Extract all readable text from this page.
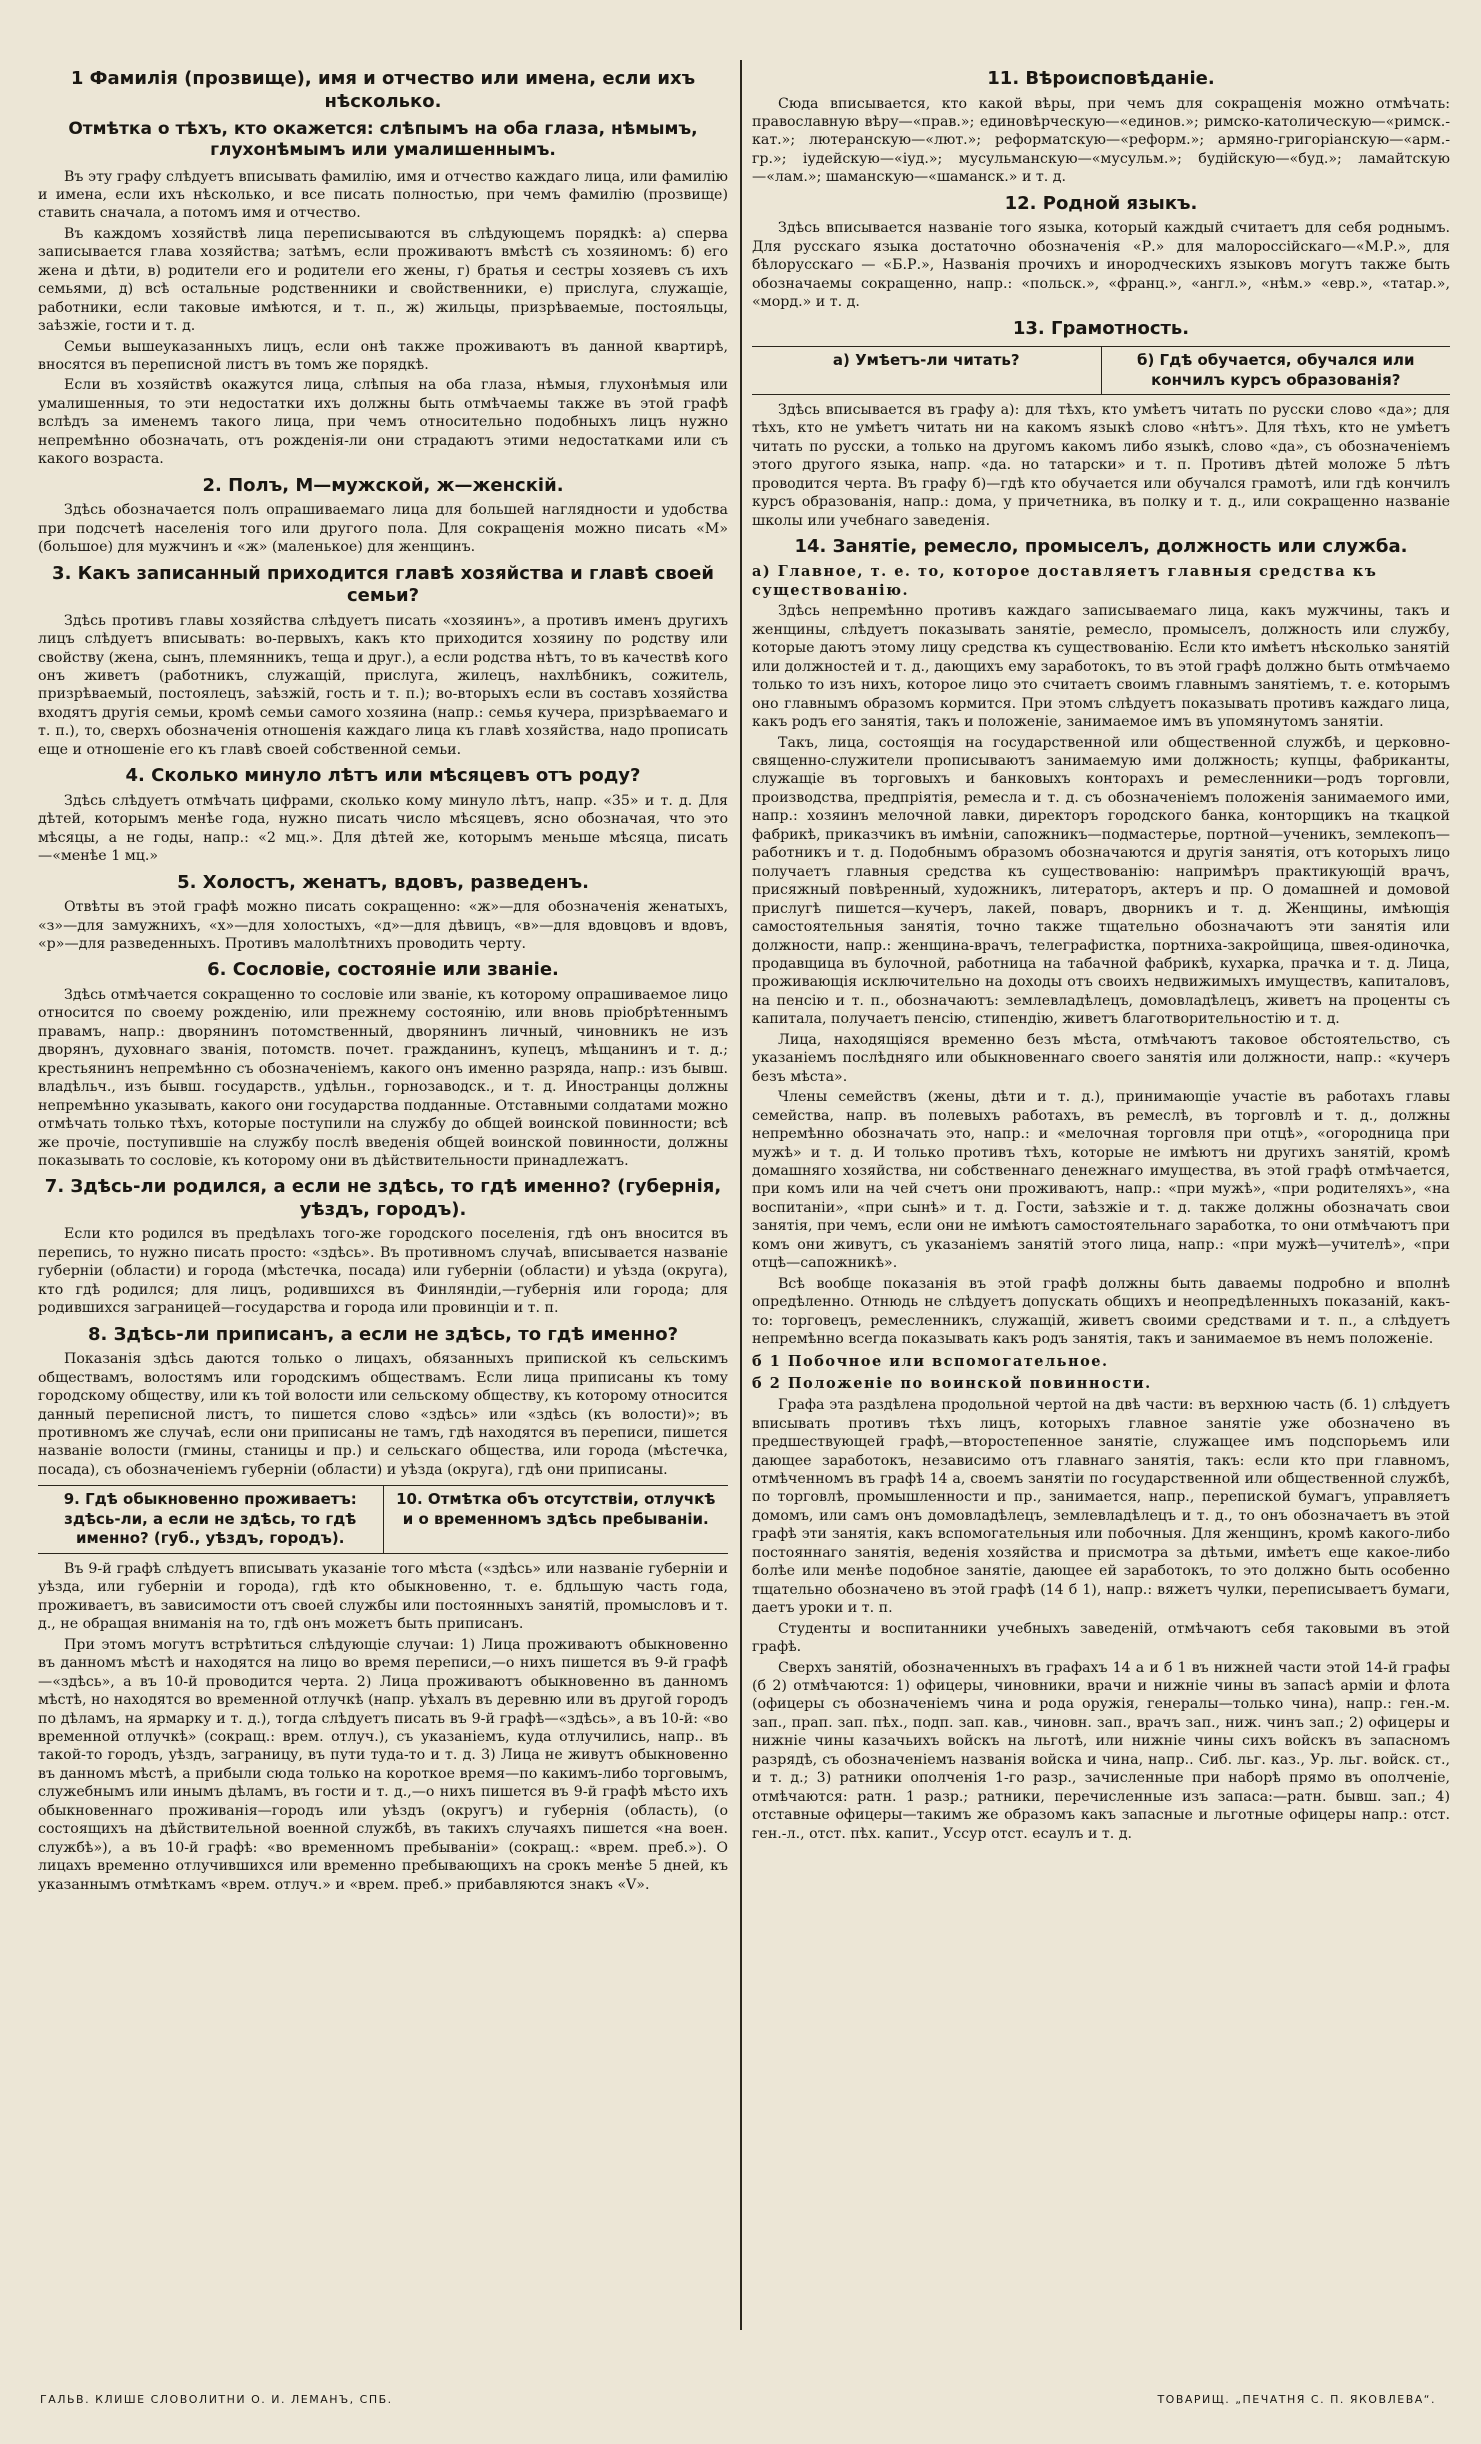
1 Фамилія (прозвище), имя и отчество или имена, если ихъ нѣсколько.
Отмѣтка о тѣхъ, кто окажется: слѣпымъ на оба глаза, нѣмымъ, глухонѣмымъ или умалишеннымъ.

Въ эту графу слѣдуетъ вписывать фамилію, имя и отчество каждаго лица, или фамилію и имена, если ихъ нѣсколько, и все писать полностью, при чемъ фамилію (прозвище) ставить сначала, а потомъ имя и отчество.

Въ каждомъ хозяйствѣ лица переписываются въ слѣдующемъ порядкѣ: а) сперва записывается глава хозяйства; затѣмъ, если проживаютъ вмѣстѣ съ хозяиномъ: б) его жена и дѣти, в) родители его и родители его жены, г) братья и сестры хозяевъ съ ихъ семьями, д) всѣ остальные родственники и свойственники, е) прислуга, служащіе, работники, если таковые имѣются, и т. п., ж) жильцы, призрѣваемые, постояльцы, заѣзжіе, гости и т. д.

Семьи вышеуказанныхъ лицъ, если онѣ также проживаютъ въ данной квартирѣ, вносятся въ переписной листъ въ томъ же порядкѣ.

Если въ хозяйствѣ окажутся лица, слѣпыя на оба глаза, нѣмыя, глухонѣмыя или умалишенныя, то эти недостатки ихъ должны быть отмѣчаемы также въ этой графѣ вслѣдъ за именемъ такого лица, при чемъ относительно подобныхъ лицъ нужно непремѣнно обозначать, отъ рожденія-ли они страдаютъ этими недостатками или съ какого возраста.

2. Полъ, М—мужской, ж—женскій.

Здѣсь обозначается полъ опрашиваемаго лица для большей наглядности и удобства при подсчетѣ населенія того или другого пола. Для сокращенія можно писать «М» (большое) для мужчинъ и «ж» (маленькое) для женщинъ.

3. Какъ записанный приходится главѣ хозяйства и главѣ своей семьи?

Здѣсь противъ главы хозяйства слѣдуетъ писать «хозяинъ», а противъ именъ другихъ лицъ слѣдуетъ вписывать: во-первыхъ, какъ кто приходится хозяину по родству или свойству (жена, сынъ, племянникъ, теща и друг.), а если родства нѣтъ, то въ качествѣ кого онъ живетъ (работникъ, служащій, прислуга, жилецъ, нахлѣбникъ, сожитель, призрѣваемый, постоялецъ, заѣзжій, гость и т. п.); во-вторыхъ если въ составъ хозяйства входятъ другія семьи, кромѣ семьи самого хозяина (напр.: семья кучера, призрѣваемаго и т. п.), то, сверхъ обозначенія отношенія каждаго лица къ главѣ хозяйства, надо прописать еще и отношеніе его къ главѣ своей собственной семьи.

4. Сколько минуло лѣтъ или мѣсяцевъ отъ роду?

Здѣсь слѣдуетъ отмѣчать цифрами, сколько кому минуло лѣтъ, напр. «35» и т. д. Для дѣтей, которымъ менѣе года, нужно писать число мѣсяцевъ, ясно обозначая, что это мѣсяцы, а не годы, напр.: «2 мц.». Для дѣтей же, которымъ меньше мѣсяца, писать—«менѣе 1 мц.»

5. Холостъ, женатъ, вдовъ, разведенъ.

Отвѣты въ этой графѣ можно писать сокращенно: «ж»—для обозначенія женатыхъ, «з»—для замужнихъ, «х»—для холостыхъ, «д»—для дѣвицъ, «в»—для вдовцовъ и вдовъ, «р»—для разведенныхъ. Противъ малолѣтнихъ проводить черту.

6. Сословіе, состояніе или званіе.

Здѣсь отмѣчается сокращенно то сословіе или званіе, къ которому опрашиваемое лицо относится по своему рожденію, или прежнему состоянію, или вновь пріобрѣтеннымъ правамъ, напр.: дворянинъ потомственный, дворянинъ личный, чиновникъ не изъ дворянъ, духовнаго званія, потомств. почет. гражданинъ, купецъ, мѣщанинъ и т. д.; крестьянинъ непремѣнно съ обозначеніемъ, какого онъ именно разряда, напр.: изъ бывш. владѣльч., изъ бывш. государств., удѣльн., горнозаводск., и т. д. Иностранцы должны непремѣнно указывать, какого они государства подданные. Отставными солдатами можно отмѣчать только тѣхъ, которые поступили на службу до общей воинской повинности; всѣ же прочіе, поступившіе на службу послѣ введенія общей воинской повинности, должны показывать то сословіе, къ которому они въ дѣйствительности принадлежатъ.

7. Здѣсь-ли родился, а если не здѣсь, то гдѣ именно? (губернія, уѣздъ, городъ).

Если кто родился въ предѣлахъ того-же городского поселенія, гдѣ онъ вносится въ перепись, то нужно писать просто: «здѣсь». Въ противномъ случаѣ, вписывается названіе губерніи (области) и города (мѣстечка, посада) или губерніи (области) и уѣзда (округа), кто гдѣ родился; для лицъ, родившихся въ Финляндіи,—губернія или города; для родившихся заграницей—государства и города или провинціи и т. п.

8. Здѣсь-ли приписанъ, а если не здѣсь, то гдѣ именно?

Показанія здѣсь даются только о лицахъ, обязанныхъ припиской къ сельскимъ обществамъ, волостямъ или городскимъ обществамъ. Если лица приписаны къ тому городскому обществу, или къ той волости или сельскому обществу, къ которому относится данный переписной листъ, то пишется слово «здѣсь» или «здѣсь (къ волости)»; въ противномъ же случаѣ, если они приписаны не тамъ, гдѣ находятся въ переписи, пишется названіе волости (гмины, станицы и пр.) и сельскаго общества, или города (мѣстечка, посада), съ обозначеніемъ губерніи (области) и уѣзда (округа), гдѣ они приписаны.

9. Гдѣ обыкновенно проживаетъ: здѣсь-ли, а если не здѣсь, то гдѣ именно? (губ., уѣздъ, городъ).
10. Отмѣтка объ отсутствіи, отлучкѣ и о временномъ здѣсь пребываніи.

Въ 9-й графѣ слѣдуетъ вписывать указаніе того мѣста («здѣсь» или названіе губерніи и уѣзда, или губерніи и города), гдѣ кто обыкновенно, т. е. бдльшую часть года, проживаетъ, въ зависимости отъ своей службы или постоянныхъ занятій, промысловъ и т. д., не обращая вниманія на то, гдѣ онъ можетъ быть приписанъ.

При этомъ могутъ встрѣтиться слѣдующіе случаи: 1) Лица проживаютъ обыкновенно въ данномъ мѣстѣ и находятся на лицо во время переписи,—о нихъ пишется въ 9-й графѣ—«здѣсь», а въ 10-й проводится черта. 2) Лица проживаютъ обыкновенно въ данномъ мѣстѣ, но находятся во временной отлучкѣ (напр. уѣхалъ въ деревню или въ другой городъ по дѣламъ, на ярмарку и т. д.), тогда слѣдуетъ писать въ 9-й графѣ—«здѣсь», а въ 10-й: «во временной отлучкѣ» (сокращ.: врем. отлуч.), съ указаніемъ, куда отлучились, напр.. въ такой-то городъ, уѣздъ, заграницу, въ пути туда-то и т. д. 3) Лица не живутъ обыкновенно въ данномъ мѣстѣ, а прибыли сюда только на короткое время—по какимъ-либо торговымъ, служебнымъ или инымъ дѣламъ, въ гости и т. д.,—о нихъ пишется въ 9-й графѣ мѣсто ихъ обыкновеннаго проживанія—городъ или уѣздъ (округъ) и губернія (область), (о состоящихъ на дѣйствительной военной службѣ, въ такихъ случаяхъ пишется «на воен. службѣ»), а въ 10-й графѣ: «во временномъ пребываніи» (сокращ.: «врем. преб.»). О лицахъ временно отлучившихся или временно пребывающихъ на срокъ менѣе 5 дней, къ указаннымъ отмѣткамъ «врем. отлуч.» и «врем. преб.» прибавляются знакъ «V».

11. Вѣроисповѣданіе.

Сюда вписывается, кто какой вѣры, при чемъ для сокращенія можно отмѣчать: православную вѣру—«прав.»; единовѣрческую—«единов.»; римско-католическую—«римск.-кат.»; лютеранскую—«лют.»; реформатскую—«реформ.»; армяно-григоріанскую—«арм.-гр.»; іудейскую—«іуд.»; мусульманскую—«мусульм.»; будійскую—«буд.»; ламайтскую—«лам.»; шаманскую—«шаманск.» и т. д.

12. Родной языкъ.

Здѣсь вписывается названіе того языка, который каждый считаетъ для себя роднымъ. Для русскаго языка достаточно обозначенія «Р.» для малороссійскаго—«М.Р.», для бѣлорусскаго — «Б.Р.», Названія прочихъ и инородческихъ языковъ могутъ также быть обозначаемы сокращенно, напр.: «польск.», «франц.», «англ.», «нѣм.» «евр.», «татар.», «морд.» и т. д.

13. Грамотность.
а) Умѣетъ-ли читать?	б) Гдѣ обучается, обучался или кончилъ курсъ образованія?

Здѣсь вписывается въ графу а): для тѣхъ, кто умѣетъ читать по русски слово «да»; для тѣхъ, кто не умѣетъ читать ни на какомъ языкѣ слово «нѣтъ». Для тѣхъ, кто не умѣетъ читать по русски, а только на другомъ какомъ либо языкѣ, слово «да», съ обозначеніемъ этого другого языка, напр. «да. но татарски» и т. п. Противъ дѣтей моложе 5 лѣтъ проводится черта. Въ графу б)—гдѣ кто обучается или обучался грамотѣ, или гдѣ кончилъ курсъ образованія, напр.: дома, у причетника, въ полку и т. д., или сокращенно названіе школы или учебнаго заведенія.

14. Занятіе, ремесло, промыселъ, должность или служба.
а) Главное, т. е. то, которое доставляетъ главныя средства къ существованію.

Здѣсь непремѣнно противъ каждаго записываемаго лица, какъ мужчины, такъ и женщины, слѣдуетъ показывать занятіе, ремесло, промыселъ, должность или службу, которые даютъ этому лицу средства къ существованію. Если кто имѣетъ нѣсколько занятій или должностей и т. д., дающихъ ему заработокъ, то въ этой графѣ должно быть отмѣчаемо только то изъ нихъ, которое лицо это считаетъ своимъ главнымъ занятіемъ, т. е. которымъ оно главнымъ образомъ кормится. При этомъ слѣдуетъ показывать противъ каждаго лица, какъ родъ его занятія, такъ и положеніе, занимаемое имъ въ упомянутомъ занятіи.

Такъ, лица, состоящія на государственной или общественной службѣ, и церковно-священно-служители прописываютъ занимаемую ими должность; купцы, фабриканты, служащіе въ торговыхъ и банковыхъ конторахъ и ремесленники—родъ торговли, производства, предпріятія, ремесла и т. д. съ обозначеніемъ положенія занимаемого ими, напр.: хозяинъ мелочной лавки, директоръ городского банка, конторщикъ на ткацкой фабрикѣ, приказчикъ въ имѣніи, сапожникъ—подмастерье, портной—ученикъ, землекопъ—работникъ и т. д. Подобнымъ образомъ обозначаются и другія занятія, отъ которыхъ лицо получаетъ главныя средства къ существованію: напримѣръ практикующій врачъ, присяжный повѣренный, художникъ, литераторъ, актеръ и пр. О домашней и домовой прислугѣ пишется—кучеръ, лакей, поваръ, дворникъ и т. д. Женщины, имѣющія самостоятельныя занятія, точно также тщательно обозначаютъ эти занятія или должности, напр.: женщина-врачъ, телеграфистка, портниха-закройщица, швея-одиночка, продавщица въ булочной, работница на табачной фабрикѣ, кухарка, прачка и т. д. Лица, проживающія исключительно на доходы отъ своихъ недвижимыхъ имуществъ, капиталовъ, на пенсію и т. п., обозначаютъ: землевладѣлецъ, домовладѣлецъ, живетъ на проценты съ капитала, получаетъ пенсію, стипендію, живетъ благотворительностію и т. д.

Лица, находящіяся временно безъ мѣста, отмѣчаютъ таковое обстоятельство, съ указаніемъ послѣдняго или обыкновеннаго своего занятія или должности, напр.: «кучеръ безъ мѣста».

Члены семействъ (жены, дѣти и т. д.), принимающіе участіе въ работахъ главы семейства, напр. въ полевыхъ работахъ, въ ремеслѣ, въ торговлѣ и т. д., должны непремѣнно обозначать это, напр.: и «мелочная торговля при отцѣ», «огородница при мужѣ» и т. д. И только противъ тѣхъ, которые не имѣютъ ни другихъ занятій, кромѣ домашняго хозяйства, ни собственнаго денежнаго имущества, въ этой графѣ отмѣчается, при комъ или на чей счетъ они проживаютъ, напр.: «при мужѣ», «при родителяхъ», «на воспитаніи», «при сынѣ» и т. д. Гости, заѣзжіе и т. д. также должны обозначать свои занятія, при чемъ, если они не имѣютъ самостоятельнаго заработка, то они отмѣчаютъ при комъ они живутъ, съ указаніемъ занятій этого лица, напр.: «при мужѣ—учителѣ», «при отцѣ—сапожникѣ».

Всѣ вообще показанія въ этой графѣ должны быть даваемы подробно и вполнѣ опредѣленно. Отнюдь не слѣдуетъ допускать общихъ и неопредѣленныхъ показаній, какъ-то: торговецъ, ремесленникъ, служащій, живетъ своими средствами и т. п., а слѣдуетъ непремѣнно всегда показывать какъ родъ занятія, такъ и занимаемое въ немъ положеніе.

б 1 Побочное или вспомогательное.
б 2 Положеніе по воинской повинности.

Графа эта раздѣлена продольной чертой на двѣ части: въ верхнюю часть (б. 1) слѣдуетъ вписывать противъ тѣхъ лицъ, которыхъ главное занятіе уже обозначено въ предшествующей графѣ,—второстепенное занятіе, служащее имъ подспорьемъ или дающее заработокъ, независимо отъ главнаго занятія, такъ: если кто при главномъ, отмѣченномъ въ графѣ 14 а, своемъ занятіи по государственной или общественной службѣ, по торговлѣ, промышленности и пр., занимается, напр., перепиской бумагъ, управляетъ домомъ, или самъ онъ домовладѣлецъ, землевладѣлецъ и т. д., то онъ обозначаетъ въ этой графѣ эти занятія, какъ вспомогательныя или побочныя. Для женщинъ, кромѣ какого-либо постояннаго занятія, веденія хозяйства и присмотра за дѣтьми, имѣетъ еще какое-либо болѣе или менѣе подобное занятіе, дающее ей заработокъ, то это должно быть особенно тщательно обозначено въ этой графѣ (14 б 1), напр.: вяжетъ чулки, переписываетъ бумаги, даетъ уроки и т. п.

Студенты и воспитанники учебныхъ заведеній, отмѣчаютъ себя таковыми въ этой графѣ.

Сверхъ занятій, обозначенныхъ въ графахъ 14 а и б 1 въ нижней части этой 14-й графы (б 2) отмѣчаются: 1) офицеры, чиновники, врачи и нижніе чины въ запасѣ арміи и флота (офицеры съ обозначеніемъ чина и рода оружія, генералы—только чина), напр.: ген.-м. зап., прап. зап. пѣх., подп. зап. кав., чиновн. зап., врачъ зап., ниж. чинъ зап.; 2) офицеры и нижніе чины казачьихъ войскъ на льготѣ, или нижніе чины сихъ войскъ въ запасномъ разрядѣ, съ обозначеніемъ названія войска и чина, напр.. Сиб. льг. каз., Ур. льг. войск. ст., и т. д.; 3) ратники ополченія 1-го разр., зачисленные при наборѣ прямо въ ополченіе, отмѣчаются: ратн. 1 разр.; ратники, перечисленные изъ запаса:—ратн. бывш. зап.; 4) отставные офицеры—такимъ же образомъ какъ запасные и льготные офицеры напр.: отст. ген.-л., отст. пѣх. капит., Уссур отст. есаулъ и т. д.

ГАЛЬВ. КЛИШЕ СЛОВОЛИТНИ О. И. ЛЕМАНЪ, СПБ.	ТОВАРИЩ. „ПЕЧАТНЯ С. П. ЯКОВЛЕВА“.
